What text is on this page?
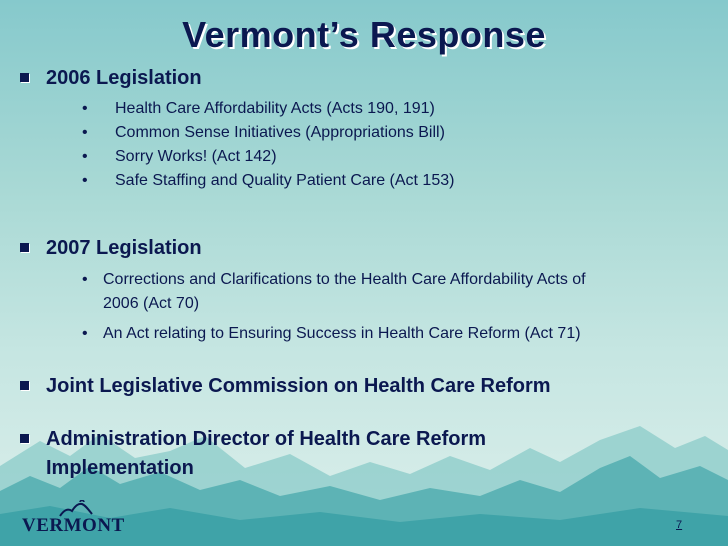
Vermont’s Response
2006 Legislation
• Health Care Affordability Acts (Acts 190, 191)
• Common Sense Initiatives (Appropriations Bill)
• Sorry Works! (Act 142)
• Safe Staffing and Quality Patient Care (Act 153)
2007 Legislation
• Corrections and Clarifications to the Health Care Affordability Acts of
2006 (Act 70)
• An Act relating to Ensuring Success in Health Care Reform (Act 71)
Joint Legislative Commission on Health Care Reform
Administration Director of Health Care Reform
Implementation
VERMONT	7
